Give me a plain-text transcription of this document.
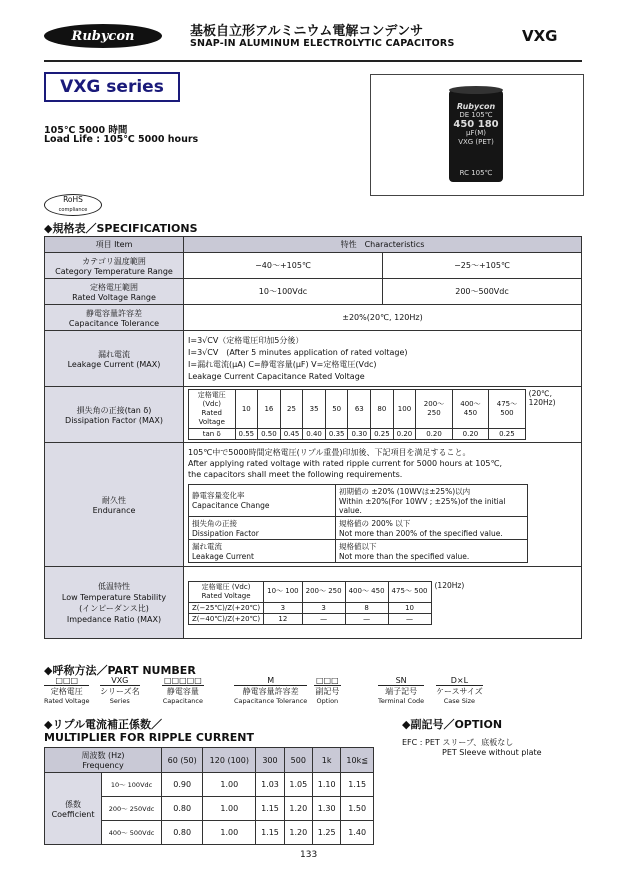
Rubycon	基板自立形アルミニウム電解コンデンサ
SNAP-IN ALUMINUM ELECTROLYTIC CAPACITORS	VXG
VXG series
105℃ 5000 時間
Load Life : 105℃ 5000 hours
Rubycon
DE 105℃
450 180
μF(M)
VXG (PET)
RC 105℃
RoHS
compliance
◆規格表／SPECIFICATIONS
項目 Item	特性　Characteristics

カテゴリ温度範囲
Category Temperature Range
	−40〜+105℃	−25〜+105℃

定格電圧範囲
Rated Voltage Range
	10〜100Vdc	200〜500Vdc

静電容量許容差
Capacitance Tolerance
	±20%(20℃, 120Hz)

漏れ電流
Leakage Current (MAX)

I=3√CV（定格電圧印加5分後）
I=3√CV　(After 5 minutes application of rated voltage)
I=漏れ電流(μA) C=静電容量(μF) V=定格電圧(Vdc)
Leakage Current Capacitance Rated Voltage

損失角の正接(tan δ)
Dissipation Factor (MAX)

定格電圧 (Vdc)
Rated Voltage
	10	16	25	35	50	63	80	100	200〜 250	400〜 450	475〜 500
tan δ	0.55	0.50	0.45	0.40	0.35	0.30	0.25	0.20	0.20	0.20	0.25
(20℃, 120Hz)

耐久性
Endurance

105℃中で5000時間定格電圧(リプル重畳)印加後、下記項目を満足すること。
After applying rated voltage with rated ripple current for 5000 hours at 105℃,
the capacitors shall meet the following requirements.
静電容量変化率
Capacitance Change

初期値の ±20% (10WVは±25%)以内
Within ±20%(For 10WV ; ±25%)of the initial value.

損失角の正接
Dissipation Factor

規格値の 200% 以下
Not more than 200% of the specified value.

漏れ電流
Leakage Current

規格値以下
Not more than the specified value.

低温特性
Low Temperature Stability
(インピーダンス比)
Impedance Ratio (MAX)

定格電圧 (Vdc)
Rated Voltage
	10〜 100	200〜 250	400〜 450	475〜 500
Z(−25℃)/Z(+20℃)	3	3	8	10
Z(−40℃)/Z(+20℃)	12	—	—	—
(120Hz)
◆呼称方法／PART NUMBER
□□□
定格電圧
Rated Voltage
VXG
シリーズ名
Series
□□□□□
静電容量
Capacitance
M
静電容量許容差
Capacitance Tolerance
□□□
副記号
Option
SN
端子記号
Terminal Code
D×L
ケースサイズ
Case Size
◆リプル電流補正係数／
MULTIPLIER FOR RIPPLE CURRENT
周波数 (Hz)
Frequency		60 (50)	120 (100)	300	500	1k	10k≦

係数
Coefficient	10〜 100Vdc	0.90	1.00	1.03	1.05	1.10	1.15
	200〜 250Vdc	0.80	1.00	1.15	1.20	1.30	1.50
	400〜 500Vdc	0.80	1.00	1.15	1.20	1.25	1.40
◆副記号／OPTION
EFC : PET スリーブ、底板なし
PET Sleeve without plate
133
